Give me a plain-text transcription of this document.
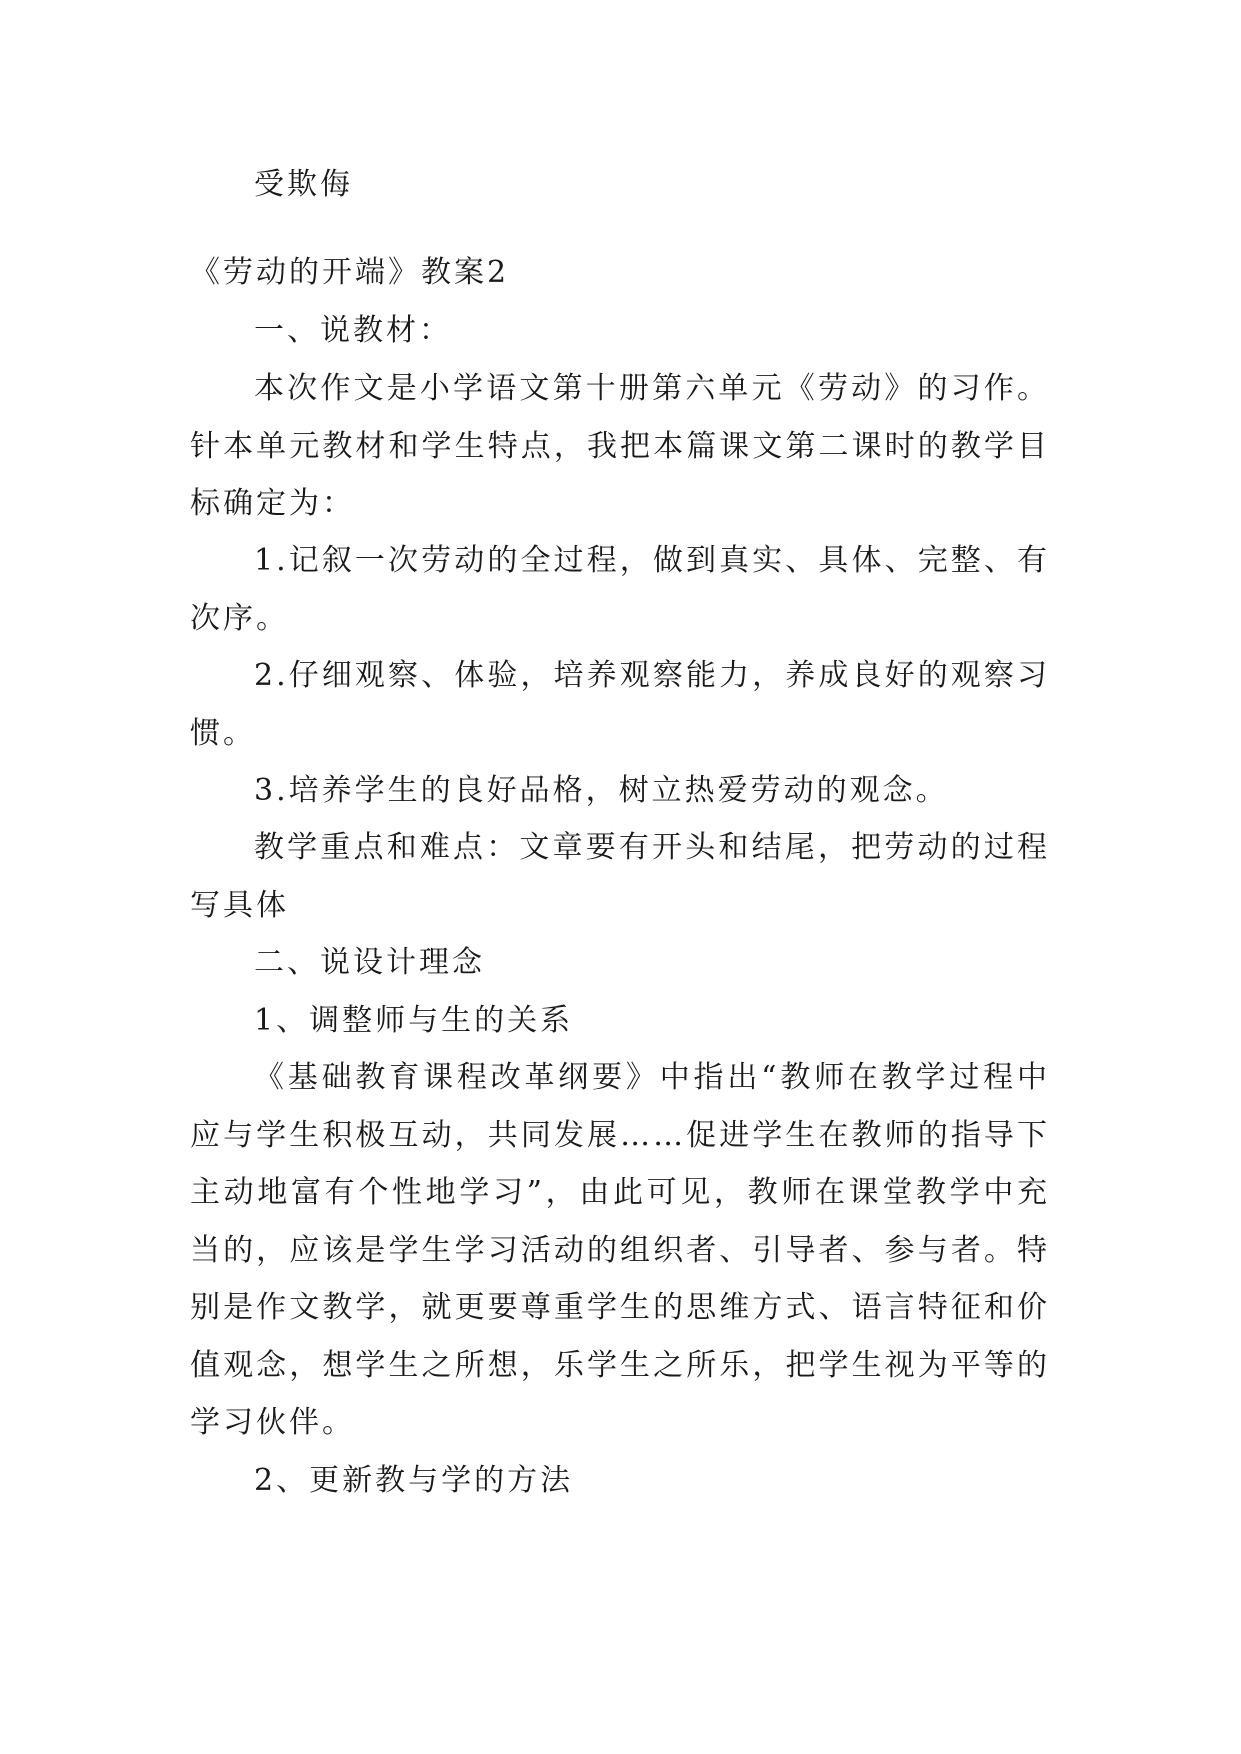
受欺侮
《劳动的开端》教案2
一、说教材：
本次作文是小学语文第十册第六单元《劳动》的习作。
针本单元教材和学生特点，我把本篇课文第二课时的教学目
标确定为：
1.记叙一次劳动的全过程，做到真实、具体、完整、有
次序。
2.仔细观察、体验，培养观察能力，养成良好的观察习
惯。
3.培养学生的良好品格，树立热爱劳动的观念。
教学重点和难点：文章要有开头和结尾，把劳动的过程
写具体
二、说设计理念
1、调整师与生的关系
《基础教育课程改革纲要》中指出“教师在教学过程中
应与学生积极互动，共同发展……促进学生在教师的指导下
主动地富有个性地学习”，由此可见，教师在课堂教学中充
当的，应该是学生学习活动的组织者、引导者、参与者。特
别是作文教学，就更要尊重学生的思维方式、语言特征和价
值观念，想学生之所想，乐学生之所乐，把学生视为平等的
学习伙伴。
2、更新教与学的方法
